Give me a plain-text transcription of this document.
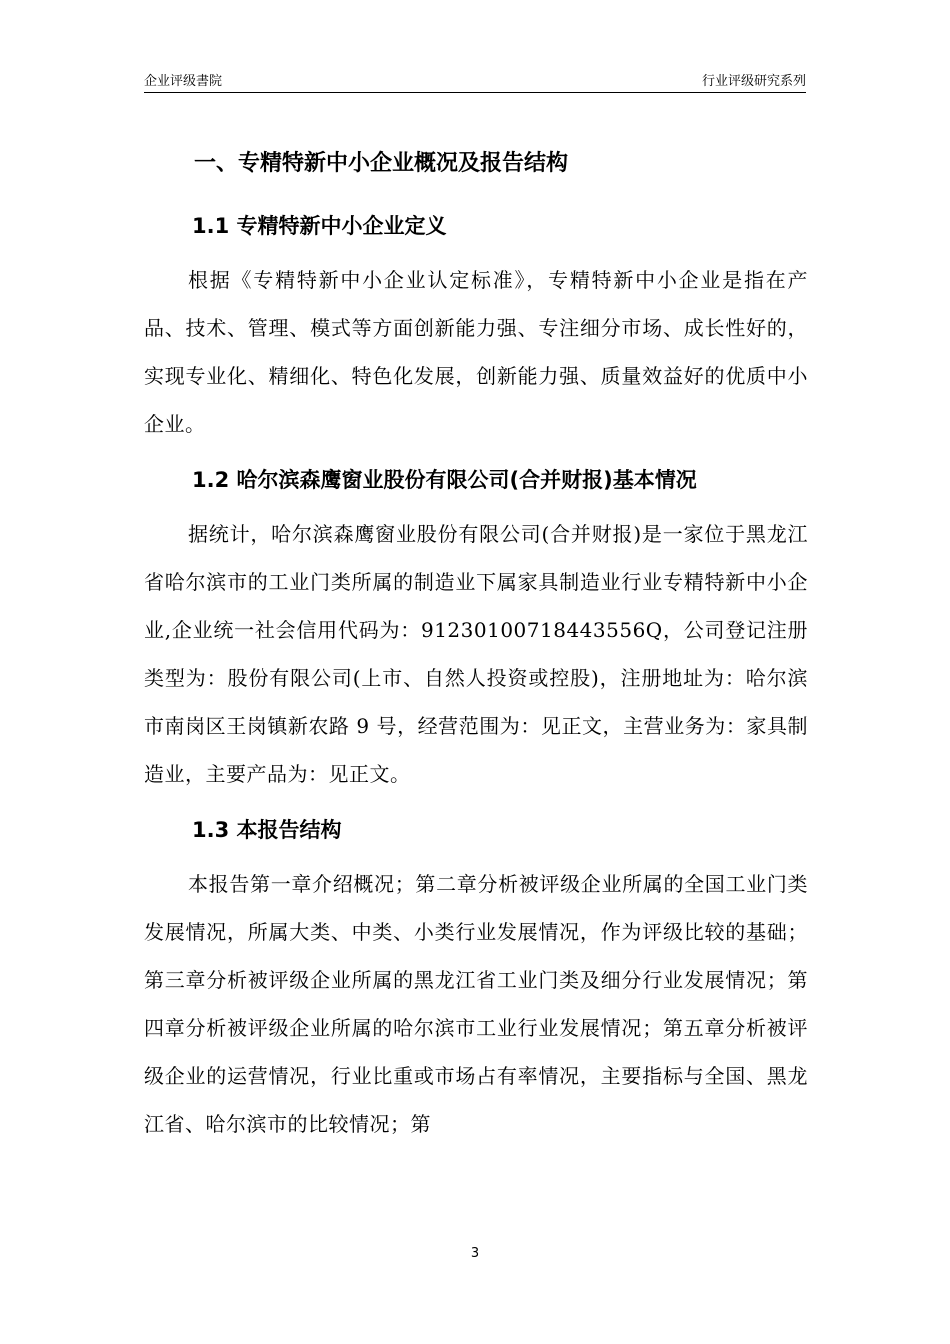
企业评级書院	行业评级研究系列
一、专精特新中小企业概况及报告结构
1.1 专精特新中小企业定义

根据《专精特新中小企业认定标准》，专精特新中小企业是指在产品、技术、管理、模式等方面创新能力强、专注细分市场、成长性好的，实现专业化、精细化、特色化发展，创新能力强、质量效益好的优质中小企业。

1.2 哈尔滨森鹰窗业股份有限公司(合并财报)基本情况

据统计，哈尔滨森鹰窗业股份有限公司(合并财报)是一家位于黑龙江省哈尔滨市的工业门类所属的制造业下属家具制造业行业专精特新中小企业,企业统一社会信用代码为：91230100718443556Q，公司登记注册类型为：股份有限公司(上市、自然人投资或控股)，注册地址为：哈尔滨市南岗区王岗镇新农路 9 号，经营范围为：见正文，主营业务为：家具制造业，主要产品为：见正文。

1.3 本报告结构

本报告第一章介绍概况；第二章分析被评级企业所属的全国工业门类发展情况，所属大类、中类、小类行业发展情况，作为评级比较的基础；第三章分析被评级企业所属的黑龙江省工业门类及细分行业发展情况；第四章分析被评级企业所属的哈尔滨市工业行业发展情况；第五章分析被评级企业的运营情况，行业比重或市场占有率情况，主要指标与全国、黑龙江省、哈尔滨市的比较情况；第

3
